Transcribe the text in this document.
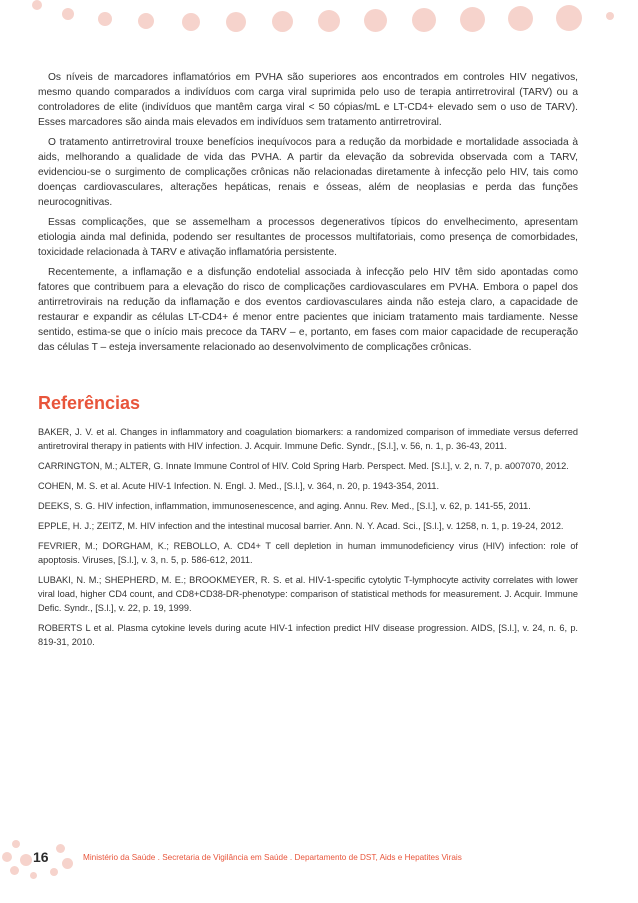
Os níveis de marcadores inflamatórios em PVHA são superiores aos encontrados em controles HIV negativos, mesmo quando comparados a indivíduos com carga viral suprimida pelo uso de terapia antirretroviral (TARV) ou a controladores de elite (indivíduos que mantêm carga viral < 50 cópias/mL e LT-CD4+ elevado sem o uso de TARV). Esses marcadores são ainda mais elevados em indivíduos sem tratamento antirretroviral.

O tratamento antirretroviral trouxe benefícios inequívocos para a redução da morbidade e mortalidade associada à aids, melhorando a qualidade de vida das PVHA. A partir da elevação da sobrevida observada com a TARV, evidenciou-se o surgimento de complicações crônicas não relacionadas diretamente à infecção pelo HIV, tais como doenças cardiovasculares, alterações hepáticas, renais e ósseas, além de neoplasias e perda das funções neurocognitivas.

Essas complicações, que se assemelham a processos degenerativos típicos do envelhecimento, apresentam etiologia ainda mal definida, podendo ser resultantes de processos multifatoriais, como presença de comorbidades, toxicidade relacionada à TARV e ativação inflamatória persistente.

Recentemente, a inflamação e a disfunção endotelial associada à infecção pelo HIV têm sido apontadas como fatores que contribuem para a elevação do risco de complicações cardiovasculares em PVHA. Embora o papel dos antirretrovirais na redução da inflamação e dos eventos cardiovasculares ainda não esteja claro, a capacidade de restaurar e expandir as células LT-CD4+ é menor entre pacientes que iniciam tratamento mais tardiamente. Nesse sentido, estima-se que o início mais precoce da TARV – e, portanto, em fases com maior capacidade de recuperação das células T – esteja inversamente relacionado ao desenvolvimento de complicações crônicas.

Referências

BAKER, J. V. et al. Changes in inflammatory and coagulation biomarkers: a randomized comparison of immediate versus deferred antiretroviral therapy in patients with HIV infection. J. Acquir. Immune Defic. Syndr., [S.l.], v. 56, n. 1, p. 36-43, 2011.

CARRINGTON, M.; ALTER, G. Innate Immune Control of HIV. Cold Spring Harb. Perspect. Med. [S.l.], v. 2, n. 7, p. a007070, 2012.

COHEN, M. S. et al. Acute HIV-1 Infection. N. Engl. J. Med., [S.l.], v. 364, n. 20, p. 1943-354, 2011.

DEEKS, S. G. HIV infection, inflammation, immunosenescence, and aging. Annu. Rev. Med., [S.l.], v. 62, p. 141-55, 2011.

EPPLE, H. J.; ZEITZ, M. HIV infection and the intestinal mucosal barrier. Ann. N. Y. Acad. Sci., [S.l.], v. 1258, n. 1, p. 19-24, 2012.

FEVRIER, M.; DORGHAM, K.; REBOLLO, A. CD4+ T cell depletion in human immunodeficiency virus (HIV) infection: role of apoptosis. Viruses, [S.l.], v. 3, n. 5, p. 586-612, 2011.

LUBAKI, N. M.; SHEPHERD, M. E.; BROOKMEYER, R. S. et al. HIV-1-specific cytolytic T-lymphocyte activity correlates with lower viral load, higher CD4 count, and CD8+CD38-DR-phenotype: comparison of statistical methods for measurement. J. Acquir. Immune Defic. Syndr., [S.l.], v. 22, p. 19, 1999.

ROBERTS L et al. Plasma cytokine levels during acute HIV-1 infection predict HIV disease progression. AIDS, [S.l.], v. 24, n. 6, p. 819-31, 2010.

16	Ministério da Saúde . Secretaria de Vigilância em Saúde . Departamento de DST, Aids e Hepatites Virais
